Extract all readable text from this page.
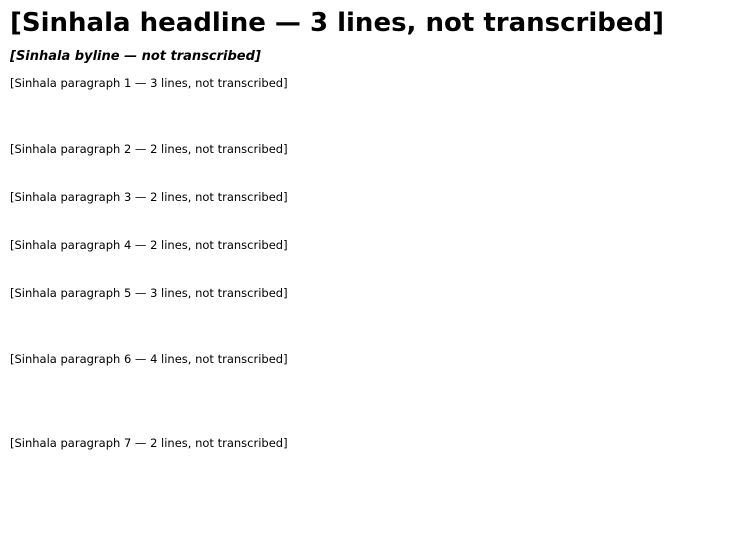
[Sinhala headline — 3 lines, not transcribed]
[Sinhala byline — not transcribed]
[Sinhala paragraph 1 — 3 lines, not transcribed]
[Sinhala paragraph 2 — 2 lines, not transcribed]
[Sinhala paragraph 3 — 2 lines, not transcribed]
[Sinhala paragraph 4 — 2 lines, not transcribed]
[Sinhala paragraph 5 — 3 lines, not transcribed]
[Sinhala paragraph 6 — 4 lines, not transcribed]
[Sinhala paragraph 7 — 2 lines, not transcribed]
